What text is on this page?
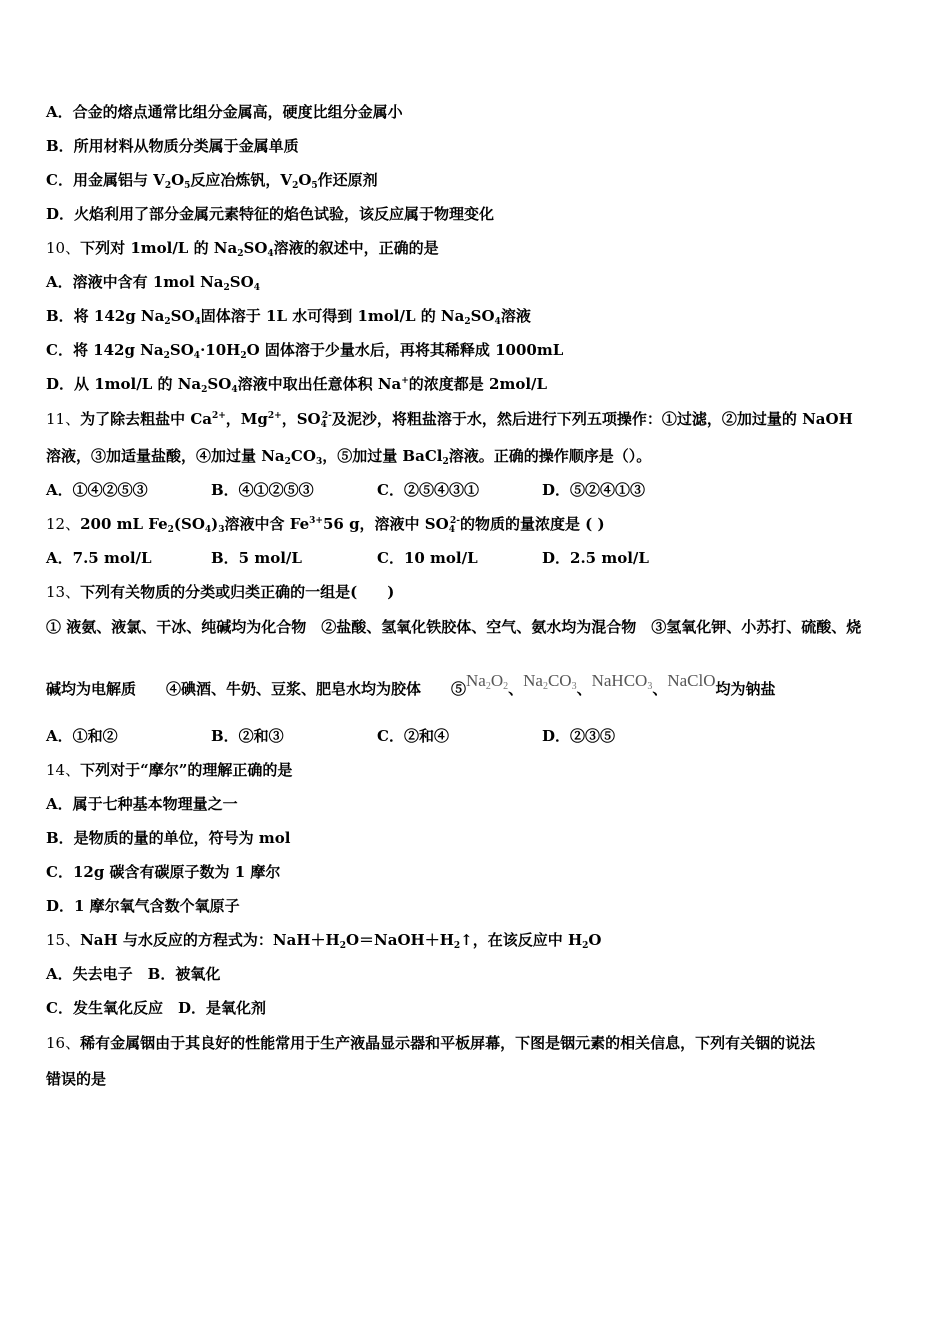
A．合金的熔点通常比组分金属高，硬度比组分金属小
B．所用材料从物质分类属于金属单质
C．用金属铝与 $V_2O_5$反应冶炼钒，$V_2O_5$作还原剂
D．火焰利用了部分金属元素特征的焰色试验，该反应属于物理变化
10、下列对 1mol/L 的 $Na_2SO_4$溶液的叙述中，正确的是
A．溶液中含有 1mol $Na_2SO_4$
B．将 142g $Na_2SO_4$固体溶于 1L 水可得到 1mol/L 的 $Na_2SO_4$溶液
C．将 142g $Na_2SO_4\cdot 10H_2O$ 固体溶于少量水后，再将其稀释成 1000mL
D．从 1mol/L 的 $Na_2SO_4$溶液中取出任意体积 Na+的浓度都是 2mol/L
11、为了除去粗盐中 $Ca^{2+}$，$Mg^{2+}$，$SO_4^{2-}$及泥沙，将粗盐溶于水，然后进行下列五项操作：①过滤，②加过量的 NaOH
溶液，③加适量盐酸，④加过量 $Na_2CO_3$，⑤加过量 BaCl$_2$溶液。正确的操作顺序是（）。
A．①④②⑤③	B．④①②⑤③	C．②⑤④③①	D．⑤②④①③
12、200 mL $Fe_2(SO_4)_3$溶液中含 $Fe^{3+}56$ g，溶液中 $SO_4^{2-}$的物质的量浓度是 ( )
A．7.5 mol/L	B．5 mol/L	C．10 mol/L	D．2.5 mol/L
13、下列有关物质的分类或归类正确的一组是(　　)
① 液氨、液氯、干冰、纯碱均为化合物　②盐酸、氢氧化铁胶体、空气、氨水均为混合物　③氢氧化钾、小苏打、硫酸、烧
碱均为电解质　　④碘酒、牛奶、豆浆、肥皂水均为胶体　　$⑤Na_2O_2$、$Na_2CO_3$、NaHCO$_3$、NaClO均为钠盐
A．①和②	B．②和③	C．②和④	D．②③⑤
14、下列对于“摩尔”的理解正确的是
A．属于七种基本物理量之一
B．是物质的量的单位，符号为 mol
C．12g 碳含有碳原子数为 1 摩尔
D．1 摩尔氧气含数个氧原子
15、NaH 与水反应的方程式为：$NaH+H_2O=NaOH+H_2↑$，在该反应中 $H_2O$
A．失去电子　B．被氧化
C．发生氧化反应　D．是氧化剂
16、稀有金属铟由于其良好的性能常用于生产液晶显示器和平板屏幕，下图是铟元素的相关信息，下列有关铟的说法
错误的是
